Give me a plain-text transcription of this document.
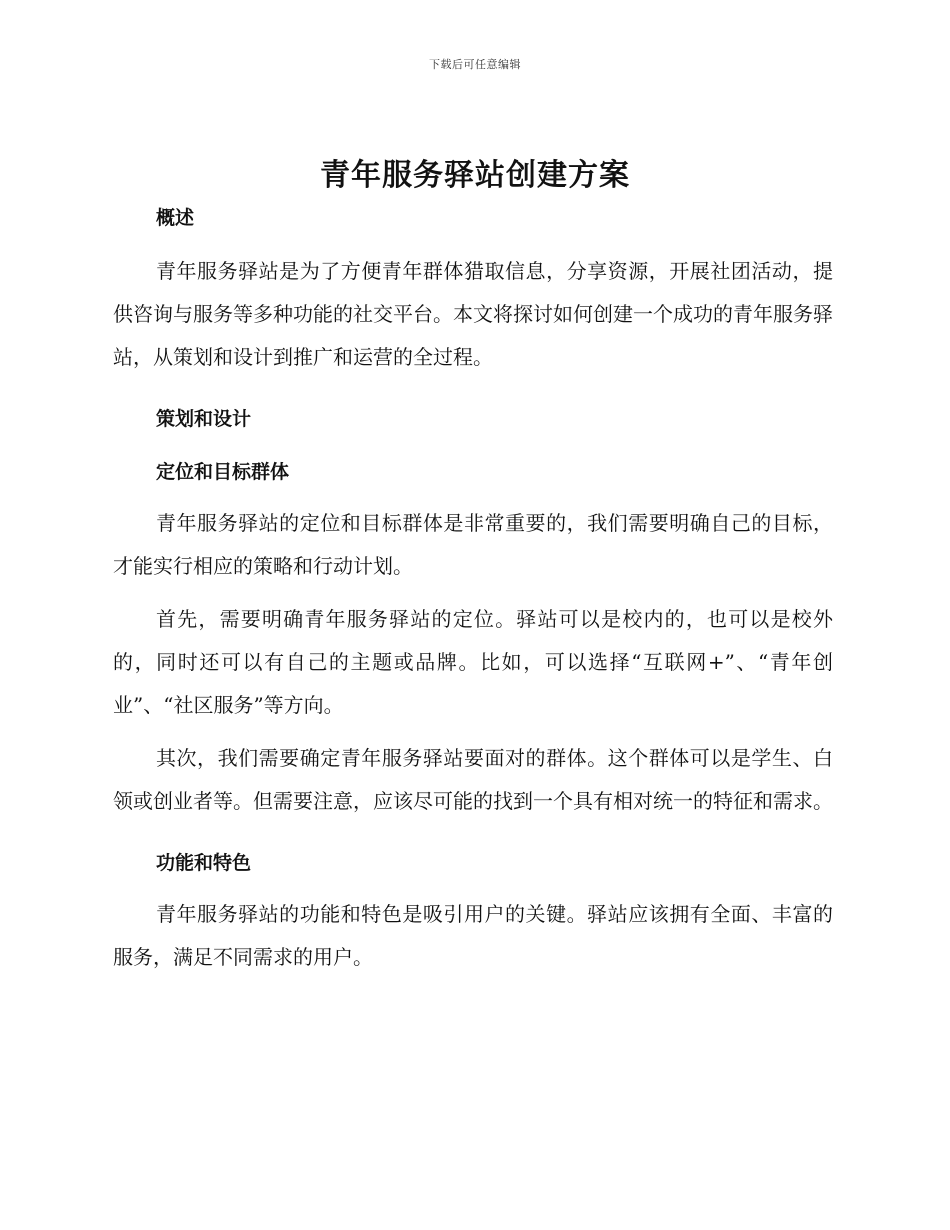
下载后可任意编辑
青年服务驿站创建方案
概述

青年服务驿站是为了方便青年群体猎取信息，分享资源，开展社团活动，提供咨询与服务等多种功能的社交平台。本文将探讨如何创建一个成功的青年服务驿站，从策划和设计到推广和运营的全过程。

策划和设计
定位和目标群体

青年服务驿站的定位和目标群体是非常重要的，我们需要明确自己的目标，才能实行相应的策略和行动计划。

首先，需要明确青年服务驿站的定位。驿站可以是校内的，也可以是校外的，同时还可以有自己的主题或品牌。比如，可以选择“互联网+”、“青年创业”、“社区服务”等方向。

其次，我们需要确定青年服务驿站要面对的群体。这个群体可以是学生、白领或创业者等。但需要注意，应该尽可能的找到一个具有相对统一的特征和需求。

功能和特色

青年服务驿站的功能和特色是吸引用户的关键。驿站应该拥有全面、丰富的服务，满足不同需求的用户。
